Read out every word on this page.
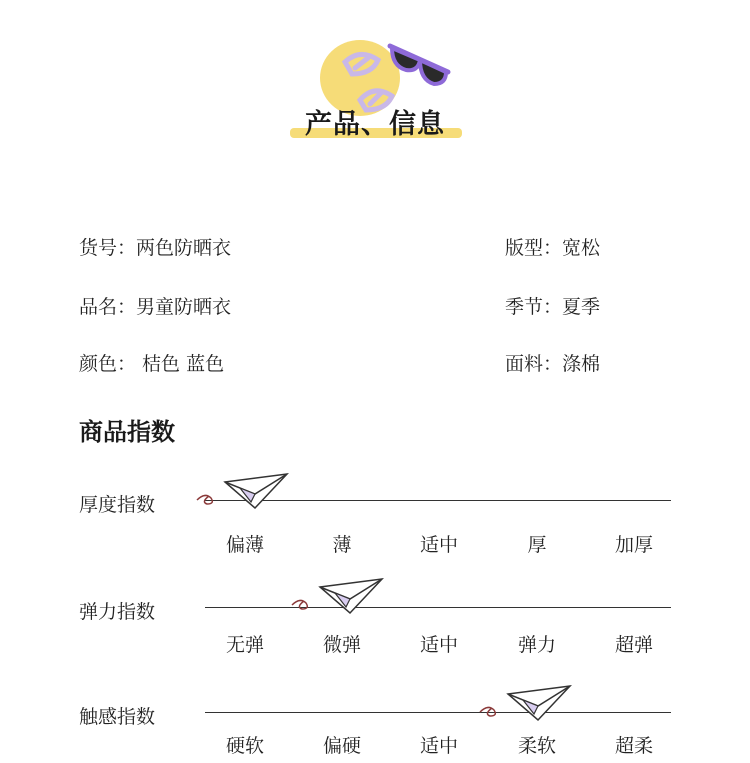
产品、信息
货号：两色防晒衣
品名：男童防晒衣
颜色： 桔色 蓝色
版型：宽松
季节：夏季
面料：涤棉
商品指数
厚度指数
偏薄	薄	适中	厚	加厚
弹力指数
无弹	微弹	适中	弹力	超弹
触感指数
硬软	偏硬	适中	柔软	超柔
